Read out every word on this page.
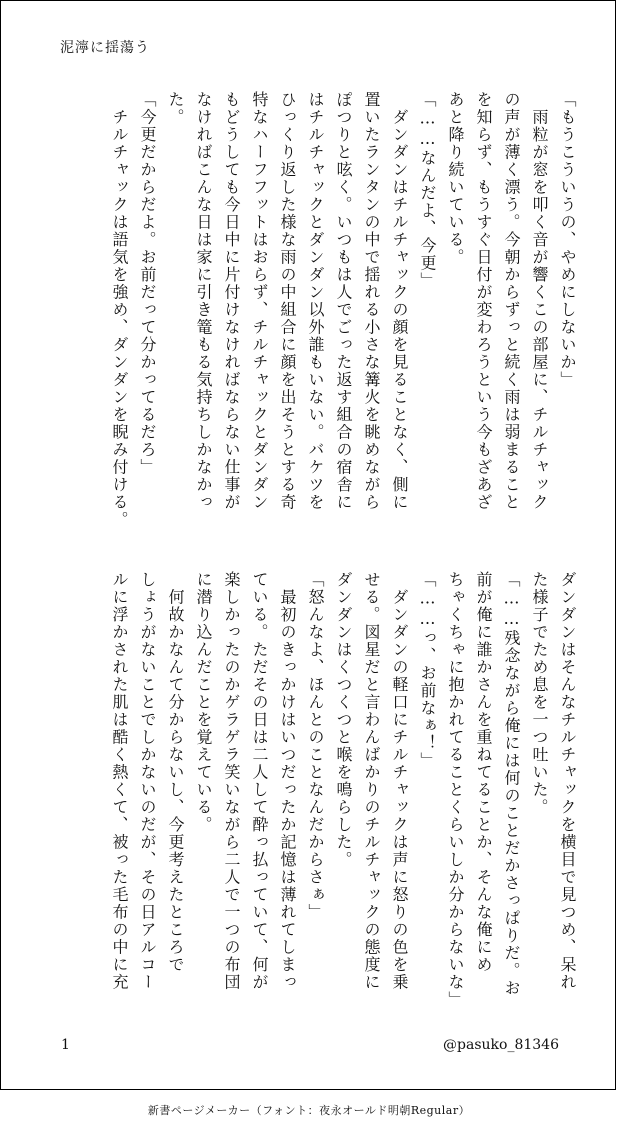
泥濘に揺蕩う

「もうこういうの、やめにしないか」

　雨粒が窓を叩く音が響くこの部屋に、チルチャック

の声が薄く漂う。今朝からずっと続く雨は弱まること

を知らず、もうすぐ日付が変わろうという今もざあざ

あと降り続いている。

「……なんだよ、今更」

　ダンダンはチルチャックの顔を見ることなく、側に

置いたランタンの中で揺れる小さな篝火を眺めながら

ぽつりと呟く。いつもは人でごった返す組合の宿舎に

はチルチャックとダンダン以外誰もいない。バケツを

ひっくり返した様な雨の中組合に顔を出そうとする奇

特なハーフフットはおらず、チルチャックとダンダン

もどうしても今日中に片付けなければならない仕事が

なければこんな日は家に引き篭もる気持ちしかなかっ

た。

「今更だからだよ。お前だって分かってるだろ」

　チルチャックは語気を強め、ダンダンを睨み付ける。

ダンダンはそんなチルチャックを横目で見つめ、呆れ

た様子でため息を一つ吐いた。

「……残念ながら俺には何のことだかさっぱりだ。お

前が俺に誰かさんを重ねてることか、そんな俺にめ

ちゃくちゃに抱かれてることくらいしか分からないな」

「……っ、お前なぁ！」

　ダンダンの軽口にチルチャックは声に怒りの色を乗

せる。図星だと言わんばかりのチルチャックの態度に

ダンダンはくつくつと喉を鳴らした。

「怒んなよ、ほんとのことなんだからさぁ」

　最初のきっかけはいつだったか記憶は薄れてしまっ

ている。ただその日は二人して酔っ払っていて、何が

楽しかったのかゲラゲラ笑いながら二人で一つの布団

に潜り込んだことを覚えている。

　何故かなんて分からないし、今更考えたところで

しょうがないことでしかないのだが、その日アルコー

ルに浮かされた肌は酷く熱くて、被った毛布の中に充

1	@pasuko_81346
新書ページメーカー（フォント：夜永オールド明朝Regular）
